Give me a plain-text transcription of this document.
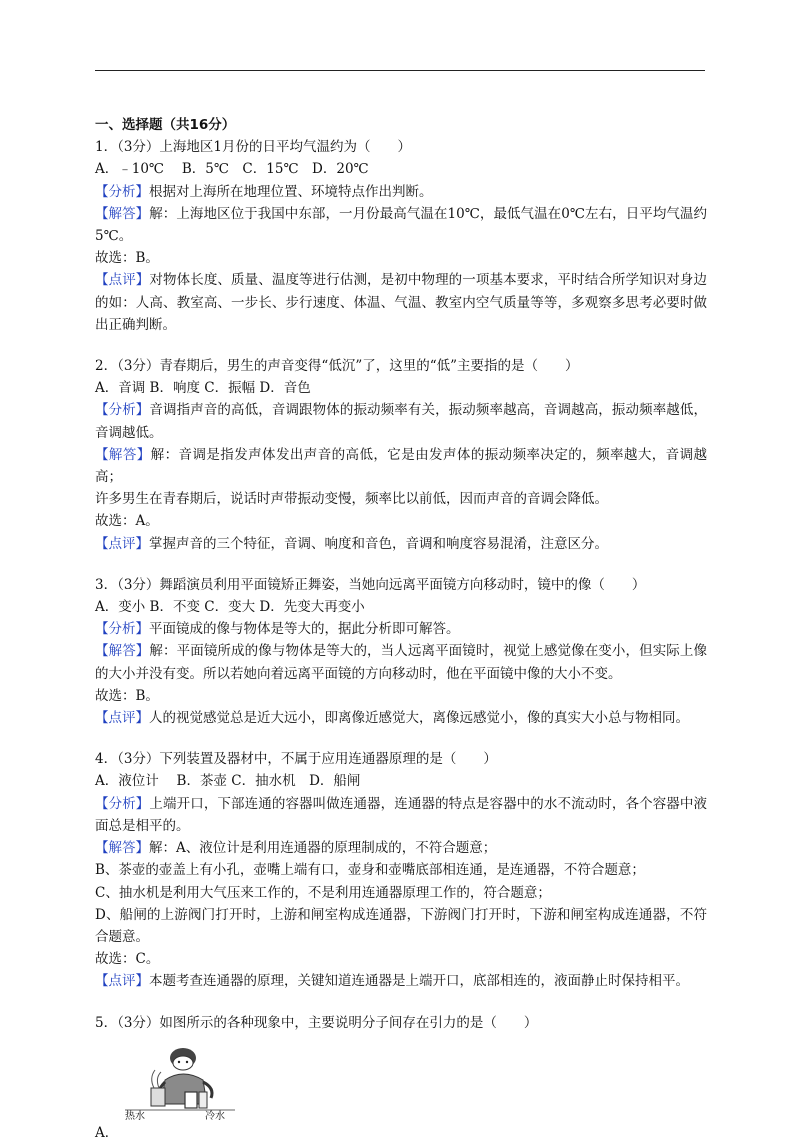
一、选择题（共16分）
1．（3分）上海地区1月份的日平均气温约为（　　）
A．﹣10℃　 B．5℃　C．15℃　D．20℃
【分析】根据对上海所在地理位置、环境特点作出判断。
【解答】解：上海地区位于我国中东部，一月份最高气温在10℃，最低气温在0℃左右，日平均气温约5℃。
故选：B。
【点评】对物体长度、质量、温度等进行估测，是初中物理的一项基本要求，平时结合所学知识对身边的如：人高、教室高、一步长、步行速度、体温、气温、教室内空气质量等等，多观察多思考必要时做出正确判断。
2．（3分）青春期后，男生的声音变得“低沉”了，这里的“低”主要指的是（　　）
A．音调 B．响度 C．振幅 D．音色
【分析】音调指声音的高低，音调跟物体的振动频率有关，振动频率越高，音调越高，振动频率越低，音调越低。
【解答】解：音调是指发声体发出声音的高低，它是由发声体的振动频率决定的，频率越大，音调越高；
许多男生在青春期后，说话时声带振动变慢，频率比以前低，因而声音的音调会降低。
故选：A。
【点评】掌握声音的三个特征，音调、响度和音色，音调和响度容易混淆，注意区分。
3．（3分）舞蹈演员利用平面镜矫正舞姿，当她向远离平面镜方向移动时，镜中的像（　　）
A．变小 B．不变 C．变大 D．先变大再变小
【分析】平面镜成的像与物体是等大的，据此分析即可解答。
【解答】解：平面镜所成的像与物体是等大的，当人远离平面镜时，视觉上感觉像在变小，但实际上像的大小并没有变。所以若她向着远离平面镜的方向移动时，他在平面镜中像的大小不变。
故选：B。
【点评】人的视觉感觉总是近大远小，即离像近感觉大，离像远感觉小，像的真实大小总与物相同。
4．（3分）下列装置及器材中，不属于应用连通器原理的是（　　）
A．液位计　 B．茶壶 C．抽水机　D．船闸
【分析】上端开口，下部连通的容器叫做连通器，连通器的特点是容器中的水不流动时，各个容器中液面总是相平的。
【解答】解：A、液位计是利用连通器的原理制成的，不符合题意；
B、茶壶的壶盖上有小孔，壶嘴上端有口，壶身和壶嘴底部相连通，是连通器，不符合题意；
C、抽水机是利用大气压来工作的，不是利用连通器原理工作的，符合题意；
D、船闸的上游阀门打开时，上游和闸室构成连通器，下游阀门打开时，下游和闸室构成连通器，不符合题意。
故选：C。
【点评】本题考查连通器的原理，关键知道连通器是上端开口，底部相连的，液面静止时保持相平。
5．（3分）如图所示的各种现象中，主要说明分子间存在引力的是（　　）
热水	冷水
A．
